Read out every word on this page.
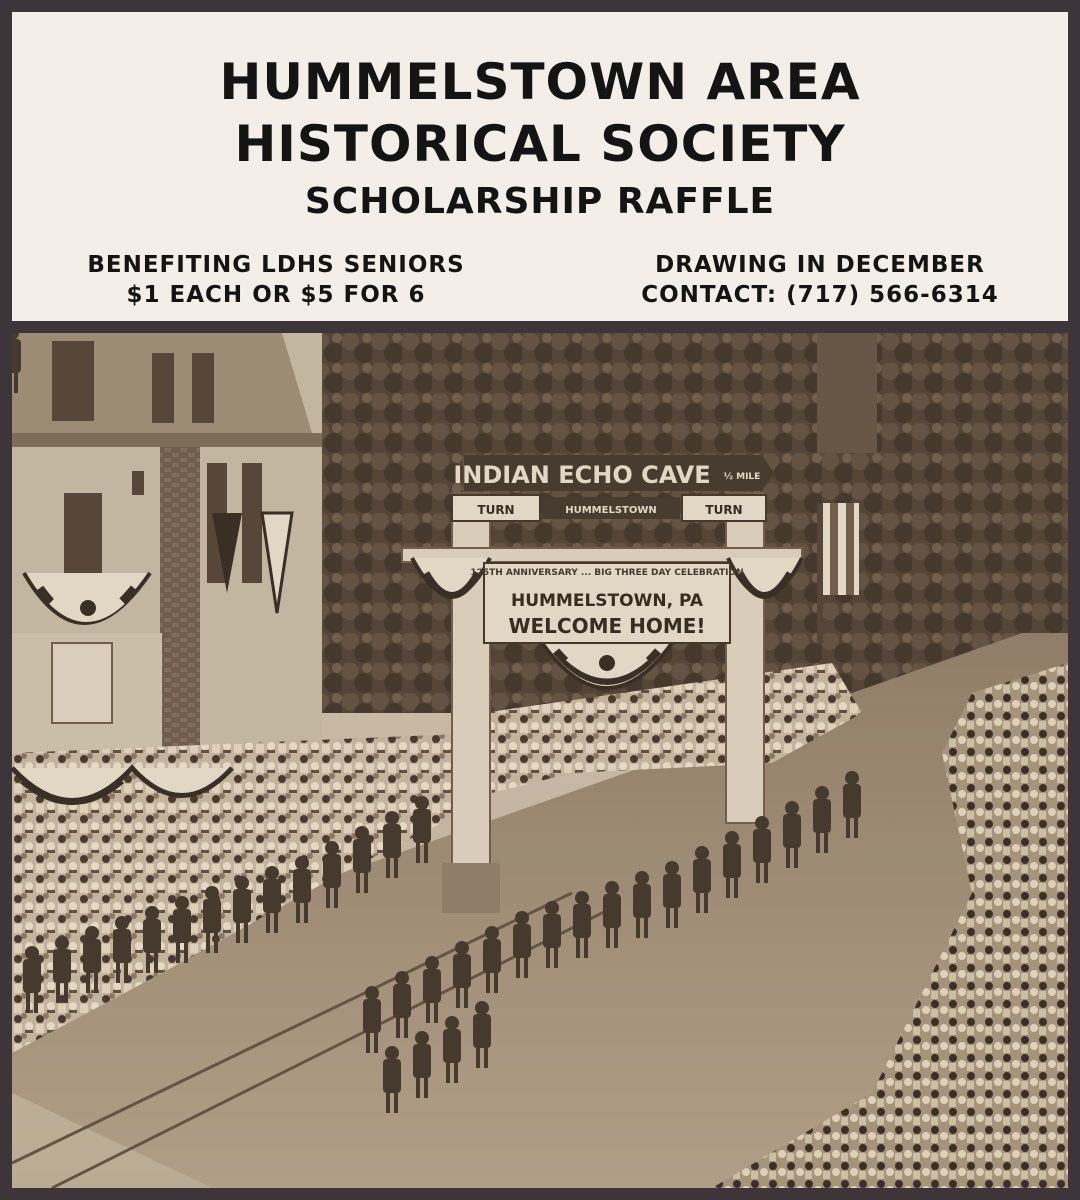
HUMMELSTOWN AREA
HISTORICAL SOCIETY
SCHOLARSHIP RAFFLE
BENEFITING LDHS SENIORS
$1 EACH OR $5 FOR 6
DRAWING IN DECEMBER
CONTACT: (717) 566-6314
125TH ANNIVERSARY ... BIG THREE DAY CELEBRATION
HUMMELSTOWN, PA
WELCOME HOME!
INDIAN ECHO CAVE ½ MILE
TURN	TURN
HUMMELSTOWN
